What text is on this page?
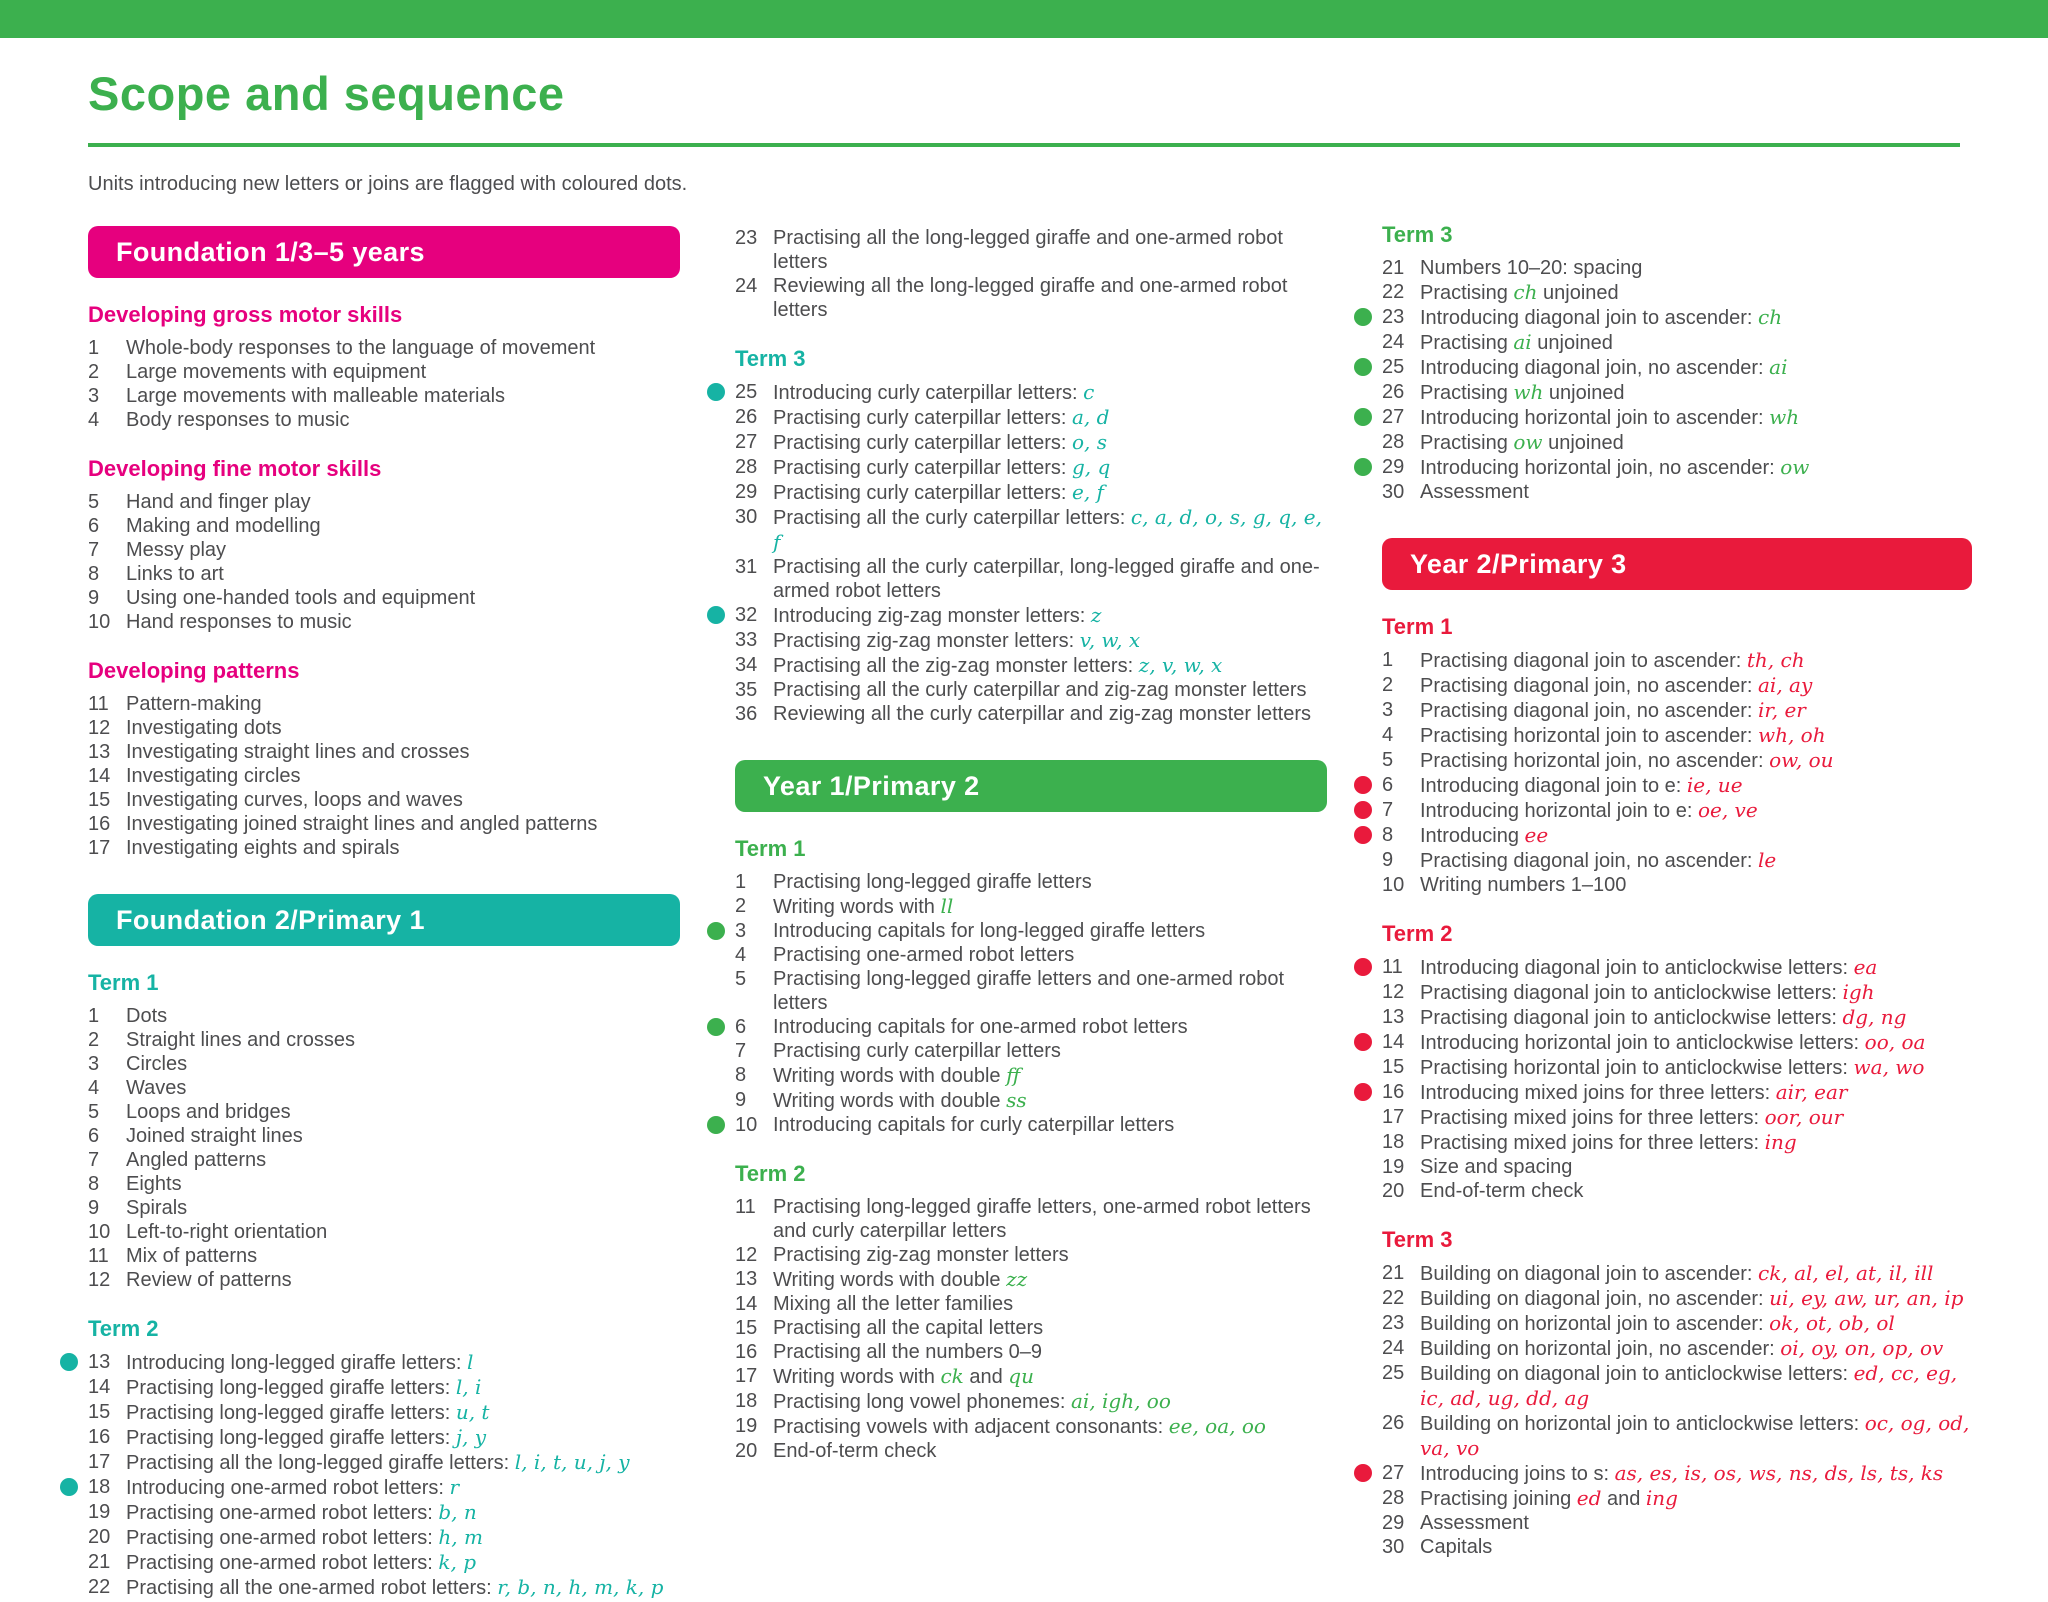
Scope and sequence

Units introducing new letters or joins are flagged with coloured dots.

Foundation 1/3–5 years
Developing gross motor skills
1	Whole-body responses to the language of movement
2	Large movements with equipment
3	Large movements with malleable materials
4	Body responses to music
Developing fine motor skills
5	Hand and finger play
6	Making and modelling
7	Messy play
8	Links to art
9	Using one-handed tools and equipment
10 Hand responses to music
Developing patterns
11 Pattern-making
12 Investigating dots
13 Investigating straight lines and crosses
14 Investigating circles
15 Investigating curves, loops and waves
16 Investigating joined straight lines and angled patterns
17 Investigating eights and spirals
Foundation 2/Primary 1
Term 1
1	Dots
2	Straight lines and crosses
3	Circles
4	Waves
5	Loops and bridges
6	Joined straight lines
7	Angled patterns
8	Eights
9	Spirals
10 Left-to-right orientation
11 Mix of patterns
12 Review of patterns
Term 2
13 Introducing long-legged giraffe letters: l
14 Practising long-legged giraffe letters: l, i
15 Practising long-legged giraffe letters: u, t
16 Practising long-legged giraffe letters: j, y
17 Practising all the long-legged giraffe letters: l, i, t, u, j, y
18 Introducing one-armed robot letters: r
19 Practising one-armed robot letters: b, n
20 Practising one-armed robot letters: h, m
21 Practising one-armed robot letters: k, p
22 Practising all the one-armed robot letters: r, b, n, h, m, k, p
23 Practising all the long-legged giraffe and one-armed robot letters
24 Reviewing all the long-legged giraffe and one-armed robot letters
Term 3
25 Introducing curly caterpillar letters: c
26 Practising curly caterpillar letters: a, d
27 Practising curly caterpillar letters: o, s
28 Practising curly caterpillar letters: g, q
29 Practising curly caterpillar letters: e, f
30 Practising all the curly caterpillar letters: c, a, d, o, s, g, q, e, f
31 Practising all the curly caterpillar, long-legged giraffe and one-armed robot letters
32 Introducing zig-zag monster letters: z
33 Practising zig-zag monster letters: v, w, x
34 Practising all the zig-zag monster letters: z, v, w, x
35 Practising all the curly caterpillar and zig-zag monster letters
36 Reviewing all the curly caterpillar and zig-zag monster letters
Year 1/Primary 2
Term 1
1	Practising long-legged giraffe letters
2	Writing words with ll
3	Introducing capitals for long-legged giraffe letters
4	Practising one-armed robot letters
5	Practising long-legged giraffe letters and one-armed robot letters
6	Introducing capitals for one-armed robot letters
7	Practising curly caterpillar letters
8	Writing words with double ff
9	Writing words with double ss
10 Introducing capitals for curly caterpillar letters
Term 2
11 Practising long-legged giraffe letters, one-armed robot letters and curly caterpillar letters
12 Practising zig-zag monster letters
13 Writing words with double zz
14 Mixing all the letter families
15 Practising all the capital letters
16 Practising all the numbers 0–9
17 Writing words with ck and qu
18 Practising long vowel phonemes: ai, igh, oo
19 Practising vowels with adjacent consonants: ee, oa, oo
20 End-of-term check
Term 3
21 Numbers 10–20: spacing
22 Practising ch unjoined
23 Introducing diagonal join to ascender: ch
24 Practising ai unjoined
25 Introducing diagonal join, no ascender: ai
26 Practising wh unjoined
27 Introducing horizontal join to ascender: wh
28 Practising ow unjoined
29 Introducing horizontal join, no ascender: ow
30 Assessment
Year 2/Primary 3
Term 1
1	Practising diagonal join to ascender: th, ch
2	Practising diagonal join, no ascender: ai, ay
3	Practising diagonal join, no ascender: ir, er
4	Practising horizontal join to ascender: wh, oh
5	Practising horizontal join, no ascender: ow, ou
6	Introducing diagonal join to e: ie, ue
7	Introducing horizontal join to e: oe, ve
8	Introducing ee
9	Practising diagonal join, no ascender: le
10 Writing numbers 1–100
Term 2
11 Introducing diagonal join to anticlockwise letters: ea
12 Practising diagonal join to anticlockwise letters: igh
13 Practising diagonal join to anticlockwise letters: dg, ng
14 Introducing horizontal join to anticlockwise letters: oo, oa
15 Practising horizontal join to anticlockwise letters: wa, wo
16 Introducing mixed joins for three letters: air, ear
17 Practising mixed joins for three letters: oor, our
18 Practising mixed joins for three letters: ing
19 Size and spacing
20 End-of-term check
Term 3
21 Building on diagonal join to ascender: ck, al, el, at, il, ill
22 Building on diagonal join, no ascender: ui, ey, aw, ur, an, ip
23 Building on horizontal join to ascender: ok, ot, ob, ol
24 Building on horizontal join, no ascender: oi, oy, on, op, ov
25 Building on diagonal join to anticlockwise letters: ed, cc, eg, ic, ad, ug, dd, ag
26 Building on horizontal join to anticlockwise letters: oc, og, od, va, vo
27 Introducing joins to s: as, es, is, os, ws, ns, ds, ls, ts, ks
28 Practising joining ed and ing
29 Assessment
30 Capitals
